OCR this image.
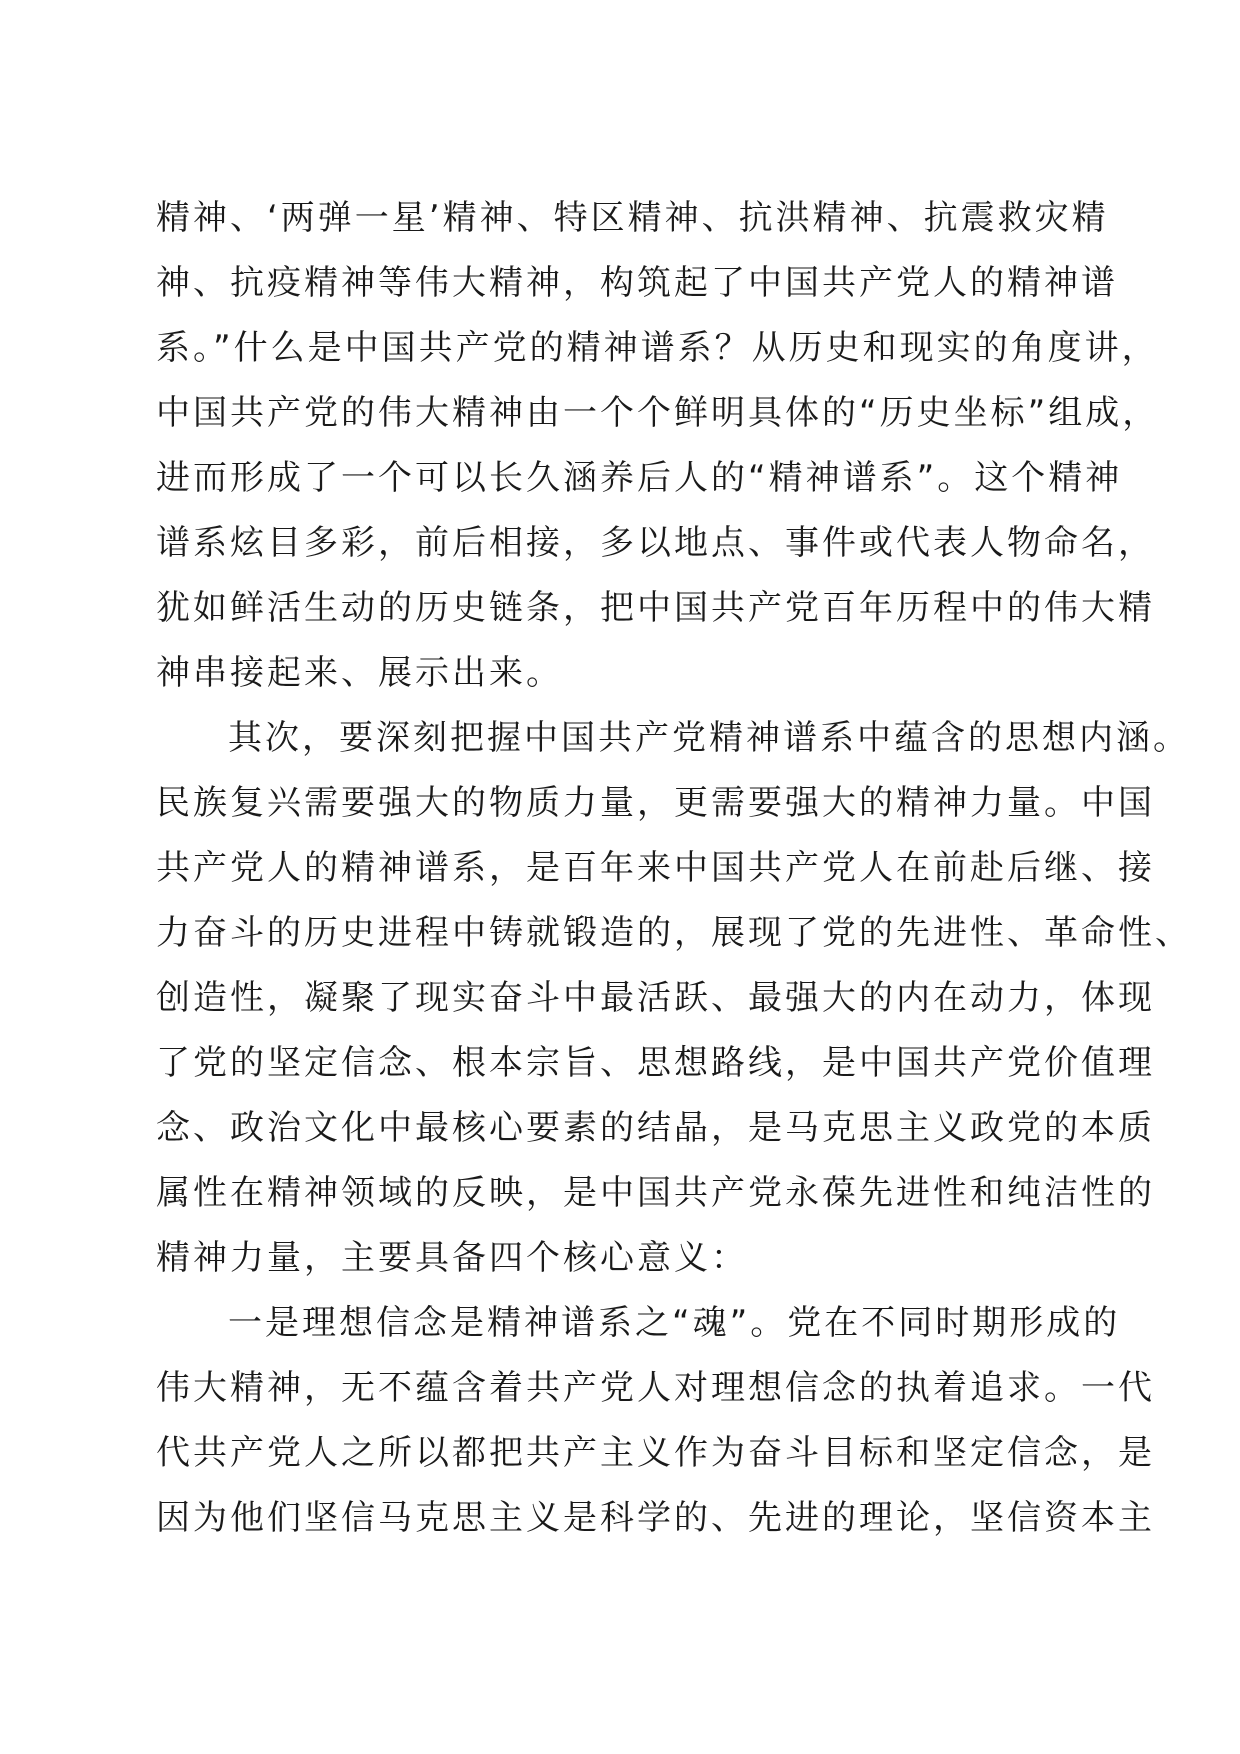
精神、‘两弹一星’精神、特区精神、抗洪精神、抗震救灾精
神、抗疫精神等伟大精神，构筑起了中国共产党人的精神谱
系。”什么是中国共产党的精神谱系？从历史和现实的角度讲，
中国共产党的伟大精神由一个个鲜明具体的“历史坐标”组成，
进而形成了一个可以长久涵养后人的“精神谱系”。这个精神
谱系炫目多彩，前后相接，多以地点、事件或代表人物命名，
犹如鲜活生动的历史链条，把中国共产党百年历程中的伟大精
神串接起来、展示出来。
其次，要深刻把握中国共产党精神谱系中蕴含的思想内涵。
民族复兴需要强大的物质力量，更需要强大的精神力量。中国
共产党人的精神谱系，是百年来中国共产党人在前赴后继、接
力奋斗的历史进程中铸就锻造的，展现了党的先进性、革命性、
创造性，凝聚了现实奋斗中最活跃、最强大的内在动力，体现
了党的坚定信念、根本宗旨、思想路线，是中国共产党价值理
念、政治文化中最核心要素的结晶，是马克思主义政党的本质
属性在精神领域的反映，是中国共产党永葆先进性和纯洁性的
精神力量，主要具备四个核心意义：
一是理想信念是精神谱系之“魂”。党在不同时期形成的
伟大精神，无不蕴含着共产党人对理想信念的执着追求。一代
代共产党人之所以都把共产主义作为奋斗目标和坚定信念，是
因为他们坚信马克思主义是科学的、先进的理论，坚信资本主
